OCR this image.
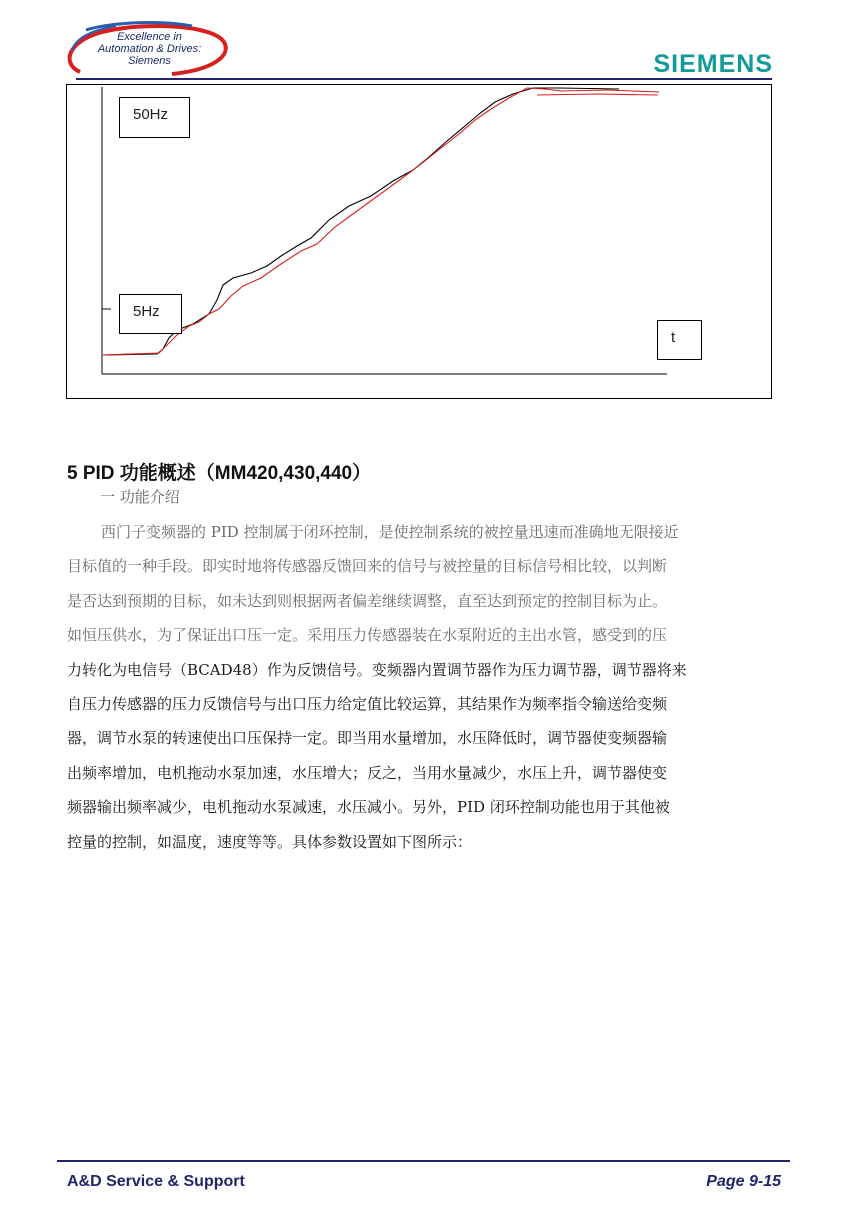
Excellence in
Automation & Drives:
Siemens	SIEMENS
50Hz
5Hz
t
5 PID 功能概述（MM420,430,440）
一 功能介绍
西门子变频器的 PID 控制属于闭环控制，是使控制系统的被控量迅速而准确地无限接近
目标值的一种手段。即实时地将传感器反馈回来的信号与被控量的目标信号相比较，以判断
是否达到预期的目标，如未达到则根据两者偏差继续调整，直至达到预定的控制目标为止。
如恒压供水，为了保证出口压一定。采用压力传感器装在水泵附近的主出水管，感受到的压
力转化为电信号（BCAD48）作为反馈信号。变频器内置调节器作为压力调节器，调节器将来
自压力传感器的压力反馈信号与出口压力给定值比较运算，其结果作为频率指令输送给变频
器，调节水泵的转速使出口压保持一定。即当用水量增加，水压降低时，调节器使变频器输
出频率增加，电机拖动水泵加速，水压增大；反之，当用水量减少，水压上升，调节器使变
频器输出频率减少，电机拖动水泵减速，水压减小。另外，PID 闭环控制功能也用于其他被
控量的控制，如温度，速度等等。具体参数设置如下图所示：
A&D Service & Support	Page 9-15
